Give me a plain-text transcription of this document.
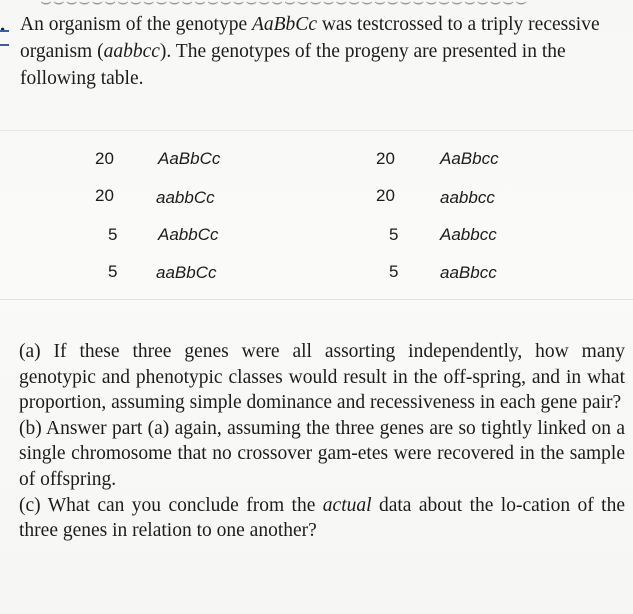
⌣⌣⌣⌣⌣⌣⌣⌣⌣⌣⌣⌣⌣⌣⌣⌣⌣⌣⌣⌣⌣⌣⌣⌣⌣⌣⌣⌣⌣⌣⌣⌣⌣⌣⌣⌣⌣⌣
. An organism of the genotype AaBbCc was testcrossed to a triply recessive organism (aabbcc). The genotypes of the progeny are presented in the following table.

20	AaBbCc	20	AaBbcc
20 aabbCc	20	aabbcc
5 AabbCc	5 Aabbcc
5 aaBbCc	5 aaBbcc

(a) If these three genes were all assorting independently, how many genotypic and phenotypic classes would result in the off-spring, and in what proportion, assuming simple dominance and recessiveness in each gene pair?

(b) Answer part (a) again, assuming the three genes are so tightly linked on a single chromosome that no crossover gam-etes were recovered in the sample of offspring.

(c) What can you conclude from the actual data about the lo-cation of the three genes in relation to one another?
